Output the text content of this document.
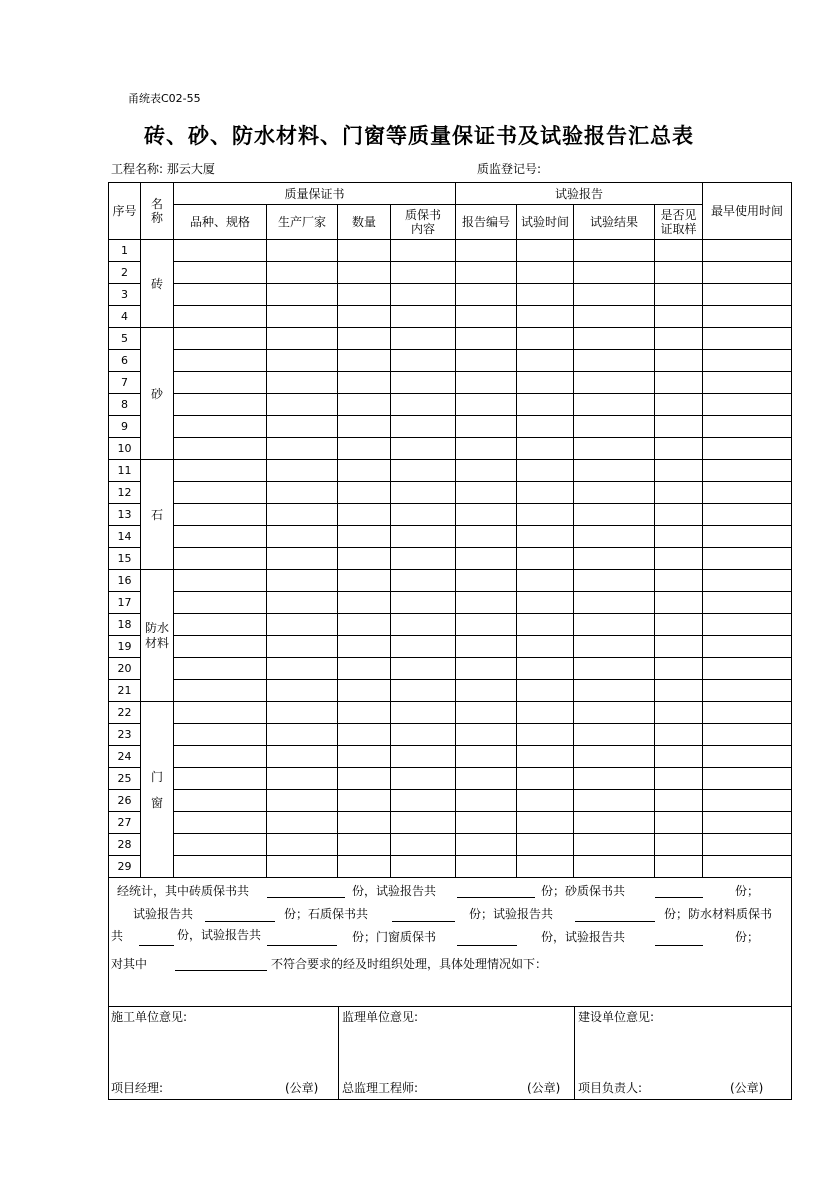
甬统表C02-55
砖、砂、防水材料、门窗等质量保证书及试验报告汇总表
工程名称: 那云大厦	质监登记号:
序号	名称	质量保证书				试验报告				最早使用时间
		品种、规格	生产厂家	数量	质保书内容	报告编号	试验时间	试验结果	是否见证取样	
1	砖									
2										
3										
4										
5	砂									
6										
7										
8										
9										
10										
11	石									
12										
13										
14										
15										
16	防水材料									
17										
18										
19										
20										
21										
22	门窗									
23										
24										
25										
26										
27										
28										
29										
经统计，其中砖质保书共	份，试验报告共	份；砂质保书共	份；
试验报告共	份；石质保书共	份；试验报告共	份；防水材料质保书
共	份，试验报告共	份；门窗质保书	份，试验报告共	份；
对其中	不符合要求的经及时组织处理，具体处理情况如下：
施工单位意见:	监理单位意见:	建设单位意见:
项目经理:	(公章) 总监理工程师:	(公章) 项目负责人:	(公章)
